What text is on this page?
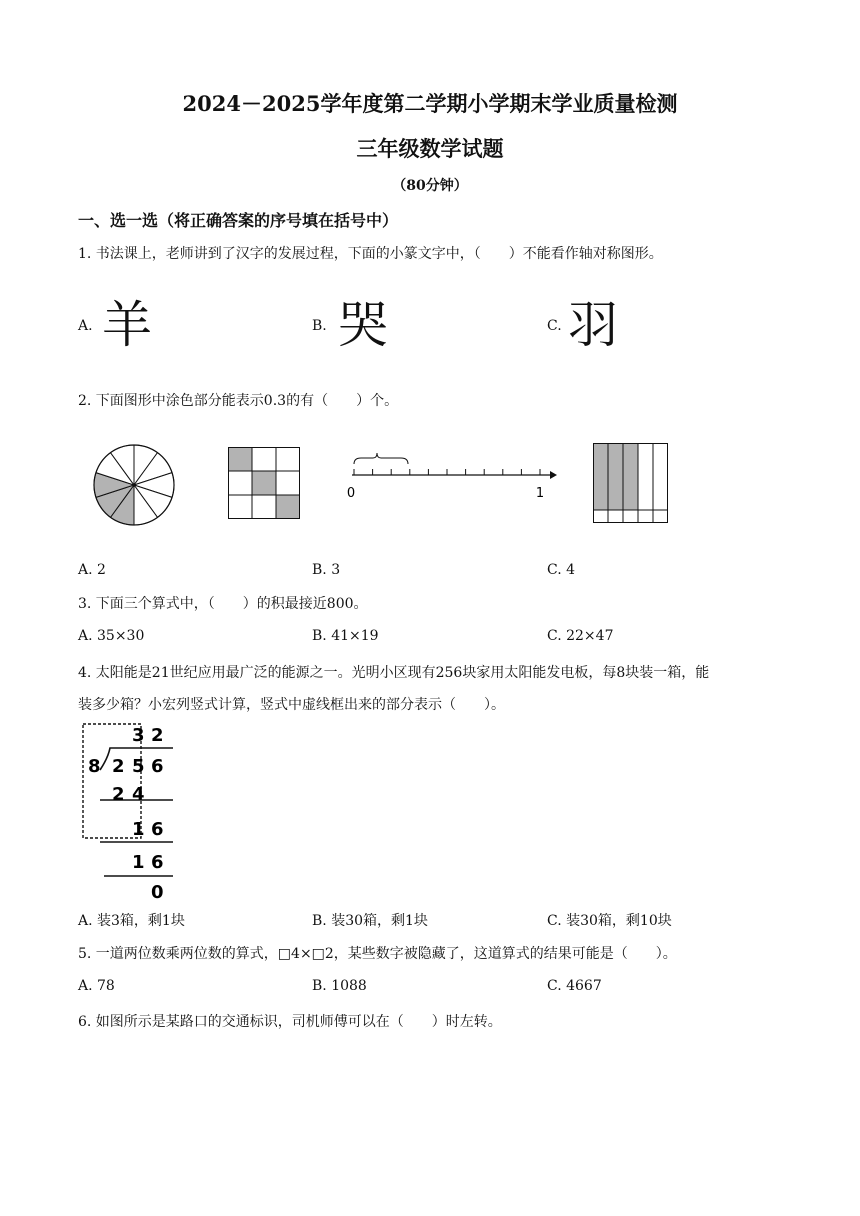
2024－2025学年度第二学期小学期末学业质量检测
三年级数学试题
（80分钟）
一、选一选（将正确答案的序号填在括号中）
1. 书法课上，老师讲到了汉字的发展过程，下面的小篆文字中，（　　）不能看作轴对称图形。
A. 羊	B. 哭	C. 羽
2. 下面图形中涂色部分能表示0.3的有（　　）个。
0	1
A. 2	B. 3	C. 4
3. 下面三个算式中，（　　）的积最接近800。
A. 35×30	B. 41×19	C. 22×47
4. 太阳能是21世纪应用最广泛的能源之一。光明小区现有256块家用太阳能发电板，每8块装一箱，能
装多少箱？小宏列竖式计算，竖式中虚线框出来的部分表示（　　）。
3 2
8 2 5 6
2 4
1 6
1 6
0
A. 装3箱，剩1块	B. 装30箱，剩1块	C. 装30箱，剩10块
5. 一道两位数乘两位数的算式，□4×□2，某些数字被隐藏了，这道算式的结果可能是（　　）。
A. 78	B. 1088	C. 4667
6. 如图所示是某路口的交通标识，司机师傅可以在（　　）时左转。
